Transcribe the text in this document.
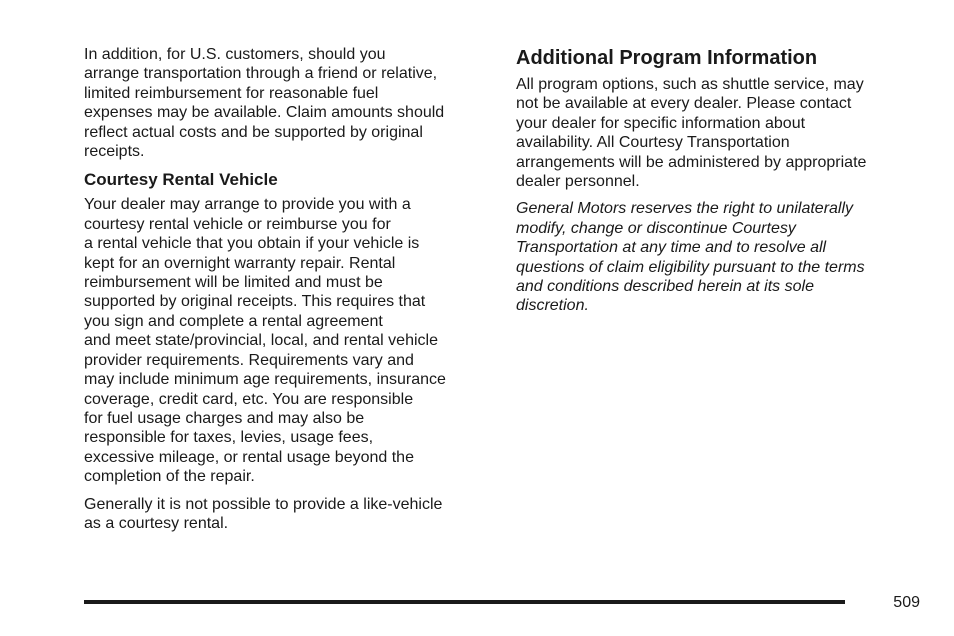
In addition, for U.S. customers, should you
arrange transportation through a friend or relative,
limited reimbursement for reasonable fuel
expenses may be available. Claim amounts should
reflect actual costs and be supported by original
receipts.

Courtesy Rental Vehicle

Your dealer may arrange to provide you with a
courtesy rental vehicle or reimburse you for
a rental vehicle that you obtain if your vehicle is
kept for an overnight warranty repair. Rental
reimbursement will be limited and must be
supported by original receipts. This requires that
you sign and complete a rental agreement
and meet state/provincial, local, and rental vehicle
provider requirements. Requirements vary and
may include minimum age requirements, insurance
coverage, credit card, etc. You are responsible
for fuel usage charges and may also be
responsible for taxes, levies, usage fees,
excessive mileage, or rental usage beyond the
completion of the repair.

Generally it is not possible to provide a like-vehicle
as a courtesy rental.

Additional Program Information

All program options, such as shuttle service, may
not be available at every dealer. Please contact
your dealer for specific information about
availability. All Courtesy Transportation
arrangements will be administered by appropriate
dealer personnel.

General Motors reserves the right to unilaterally
modify, change or discontinue Courtesy
Transportation at any time and to resolve all
questions of claim eligibility pursuant to the terms
and conditions described herein at its sole
discretion.

509
